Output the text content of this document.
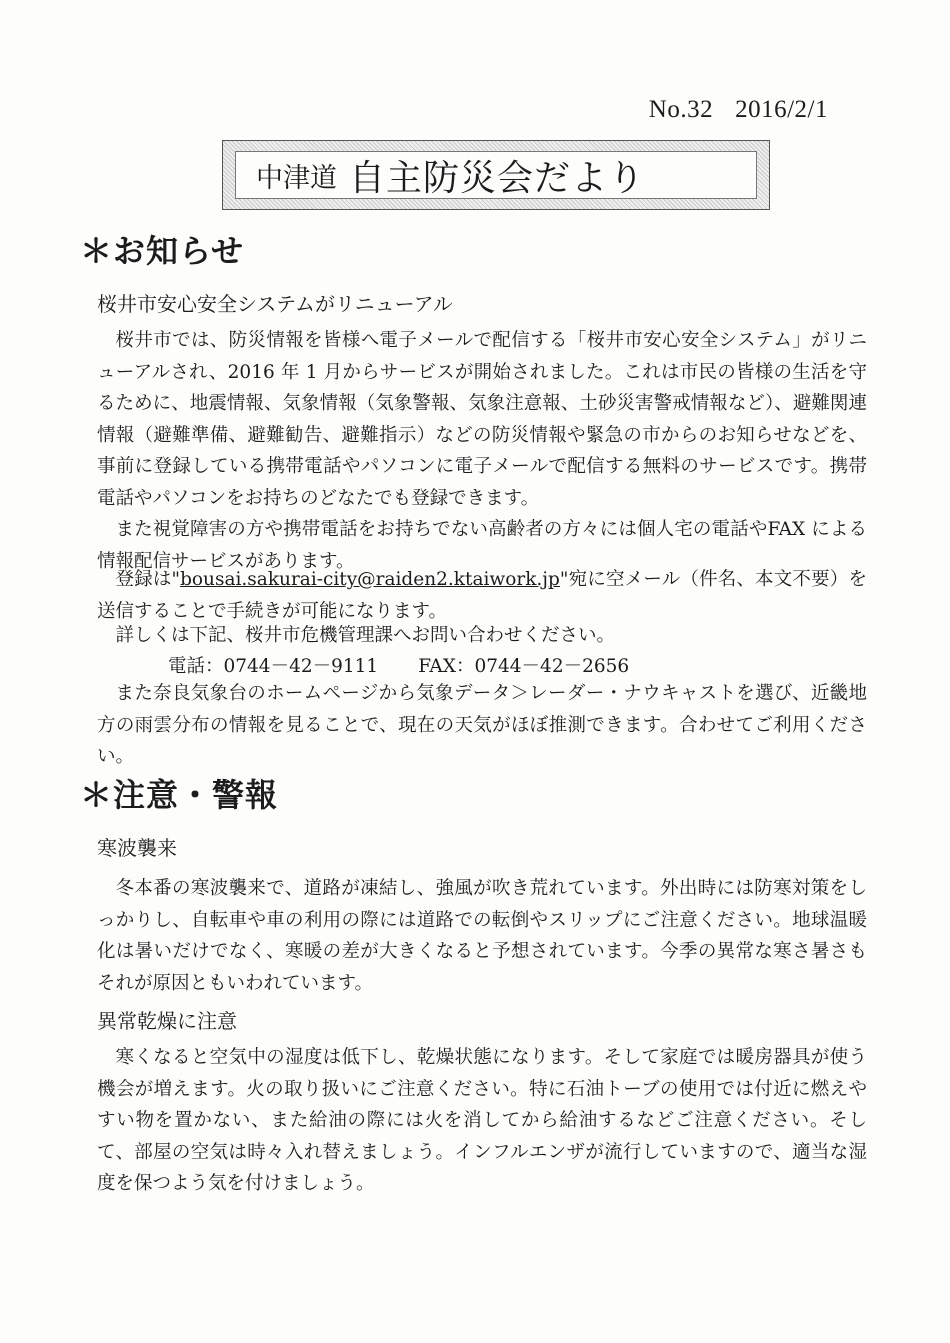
No.32 2016/2/1
中津道 自主防災会だより
＊お知らせ
桜井市安心安全システムがリニューアル

桜井市では、防災情報を皆様へ電子メールで配信する「桜井市安心安全システム」がリニューアルされ、2016 年 1 月からサービスが開始されました。これは市民の皆様の生活を守るために、地震情報、気象情報（気象警報、気象注意報、土砂災害警戒情報など）、避難関連情報（避難準備、避難勧告、避難指示）などの防災情報や緊急の市からのお知らせなどを、事前に登録している携帯電話やパソコンに電子メールで配信する無料のサービスです。携帯電話やパソコンをお持ちのどなたでも登録できます。

また視覚障害の方や携帯電話をお持ちでない高齢者の方々には個人宅の電話やFAX による情報配信サービスがあります。

登録は"bousai.sakurai-city@raiden2.ktaiwork.jp"宛に空メール（件名、本文不要）を送信することで手続きが可能になります。

詳しくは下記、桜井市危機管理課へお問い合わせください。

電話：0744－42－9111 FAX：0744－42－2656

また奈良気象台のホームページから気象データ＞レーダー・ナウキャストを選び、近畿地方の雨雲分布の情報を見ることで、現在の天気がほぼ推測できます。合わせてご利用ください。

＊注意・警報
寒波襲来

冬本番の寒波襲来で、道路が凍結し、強風が吹き荒れています。外出時には防寒対策をしっかりし、自転車や車の利用の際には道路での転倒やスリップにご注意ください。地球温暖化は暑いだけでなく、寒暖の差が大きくなると予想されています。今季の異常な寒さ暑さもそれが原因ともいわれています。

異常乾燥に注意

寒くなると空気中の湿度は低下し、乾燥状態になります。そして家庭では暖房器具が使う機会が増えます。火の取り扱いにご注意ください。特に石油トーブの使用では付近に燃えやすい物を置かない、また給油の際には火を消してから給油するなどご注意ください。そして、部屋の空気は時々入れ替えましょう。インフルエンザが流行していますので、適当な湿度を保つよう気を付けましょう。
